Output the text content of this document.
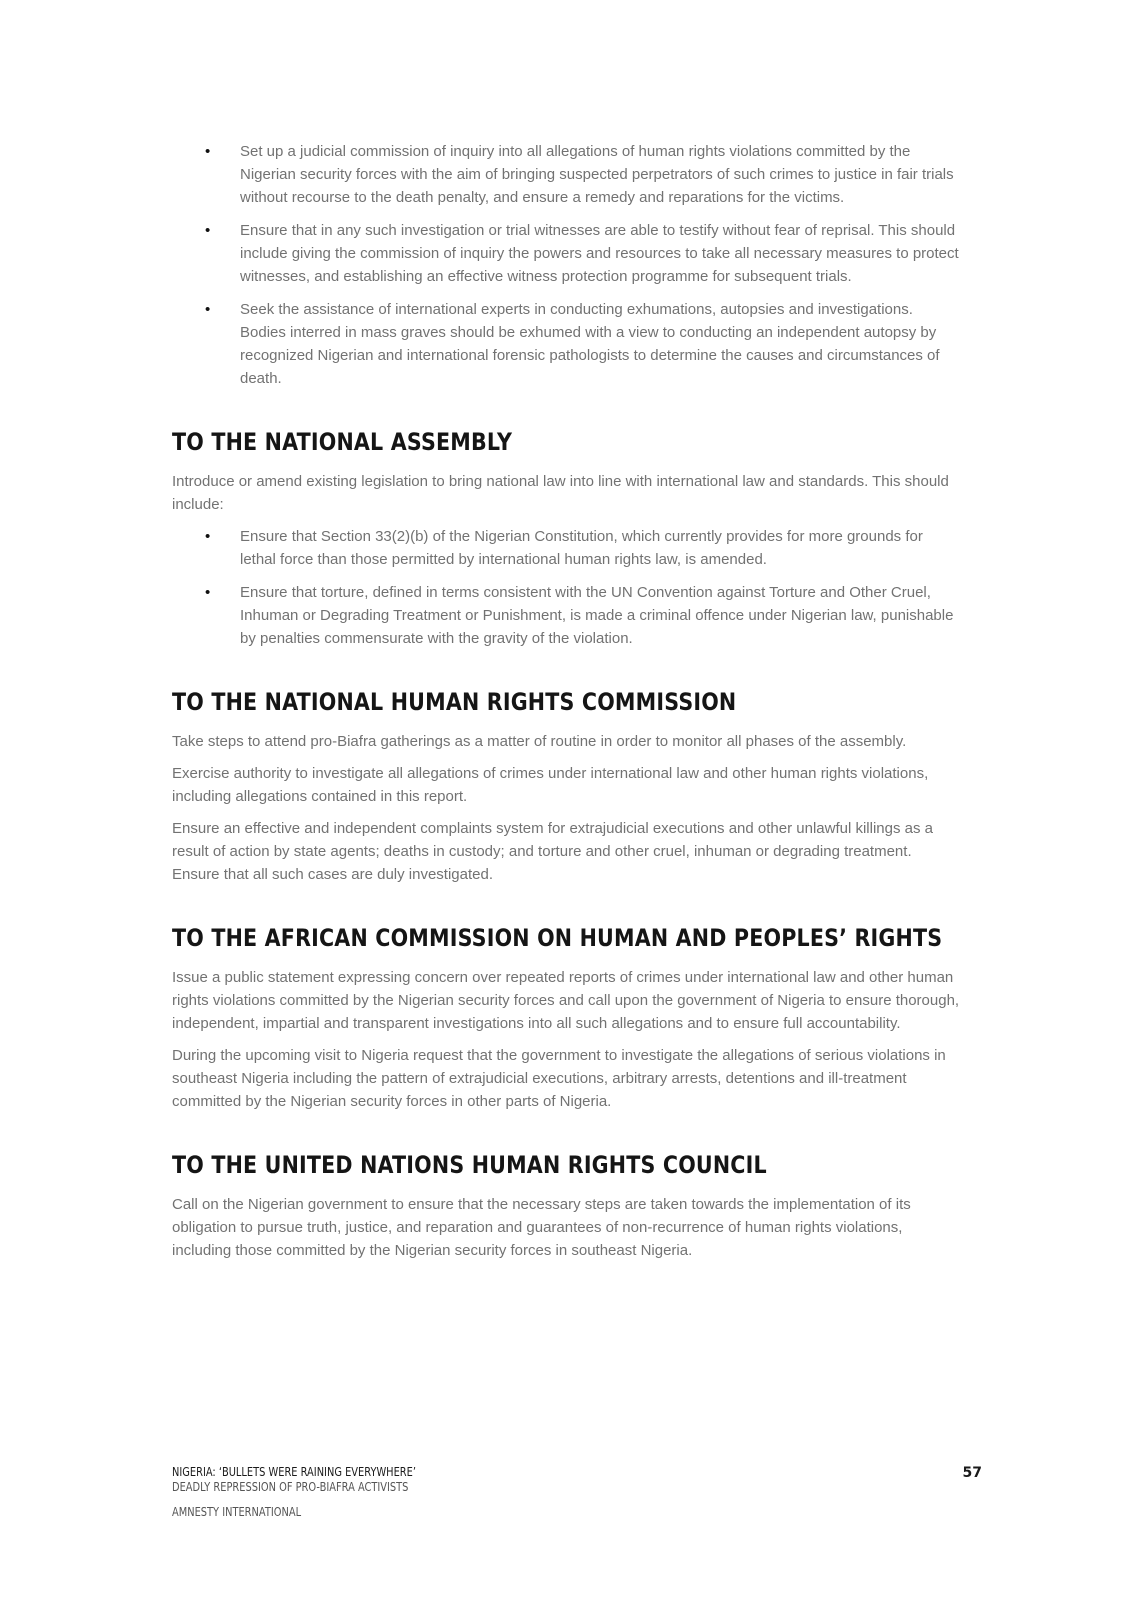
• Set up a judicial commission of inquiry into all allegations of human rights violations committed by the Nigerian security forces with the aim of bringing suspected perpetrators of such crimes to justice in fair trials without recourse to the death penalty, and ensure a remedy and reparations for the victims.
• Ensure that in any such investigation or trial witnesses are able to testify without fear of reprisal. This should include giving the commission of inquiry the powers and resources to take all necessary measures to protect witnesses, and establishing an effective witness protection programme for subsequent trials.
• Seek the assistance of international experts in conducting exhumations, autopsies and investigations. Bodies interred in mass graves should be exhumed with a view to conducting an independent autopsy by recognized Nigerian and international forensic pathologists to determine the causes and circumstances of death.
TO THE NATIONAL ASSEMBLY

Introduce or amend existing legislation to bring national law into line with international law and standards. This should include:

• Ensure that Section 33(2)(b) of the Nigerian Constitution, which currently provides for more grounds for lethal force than those permitted by international human rights law, is amended.
• Ensure that torture, defined in terms consistent with the UN Convention against Torture and Other Cruel, Inhuman or Degrading Treatment or Punishment, is made a criminal offence under Nigerian law, punishable by penalties commensurate with the gravity of the violation.
TO THE NATIONAL HUMAN RIGHTS COMMISSION

Take steps to attend pro-Biafra gatherings as a matter of routine in order to monitor all phases of the assembly.

Exercise authority to investigate all allegations of crimes under international law and other human rights violations, including allegations contained in this report.

Ensure an effective and independent complaints system for extrajudicial executions and other unlawful killings as a result of action by state agents; deaths in custody; and torture and other cruel, inhuman or degrading treatment. Ensure that all such cases are duly investigated.

TO THE AFRICAN COMMISSION ON HUMAN AND PEOPLES’ RIGHTS

Issue a public statement expressing concern over repeated reports of crimes under international law and other human rights violations committed by the Nigerian security forces and call upon the government of Nigeria to ensure thorough, independent, impartial and transparent investigations into all such allegations and to ensure full accountability.

During the upcoming visit to Nigeria request that the government to investigate the allegations of serious violations in southeast Nigeria including the pattern of extrajudicial executions, arbitrary arrests, detentions and ill-treatment committed by the Nigerian security forces in other parts of Nigeria.

TO THE UNITED NATIONS HUMAN RIGHTS COUNCIL

Call on the Nigerian government to ensure that the necessary steps are taken towards the implementation of its obligation to pursue truth, justice, and reparation and guarantees of non-recurrence of human rights violations, including those committed by the Nigerian security forces in southeast Nigeria.

NIGERIA: ‘BULLETS WERE RAINING EVERYWHERE’
DEADLY REPRESSION OF PRO-BIAFRA ACTIVISTS
AMNESTY INTERNATIONAL
57
